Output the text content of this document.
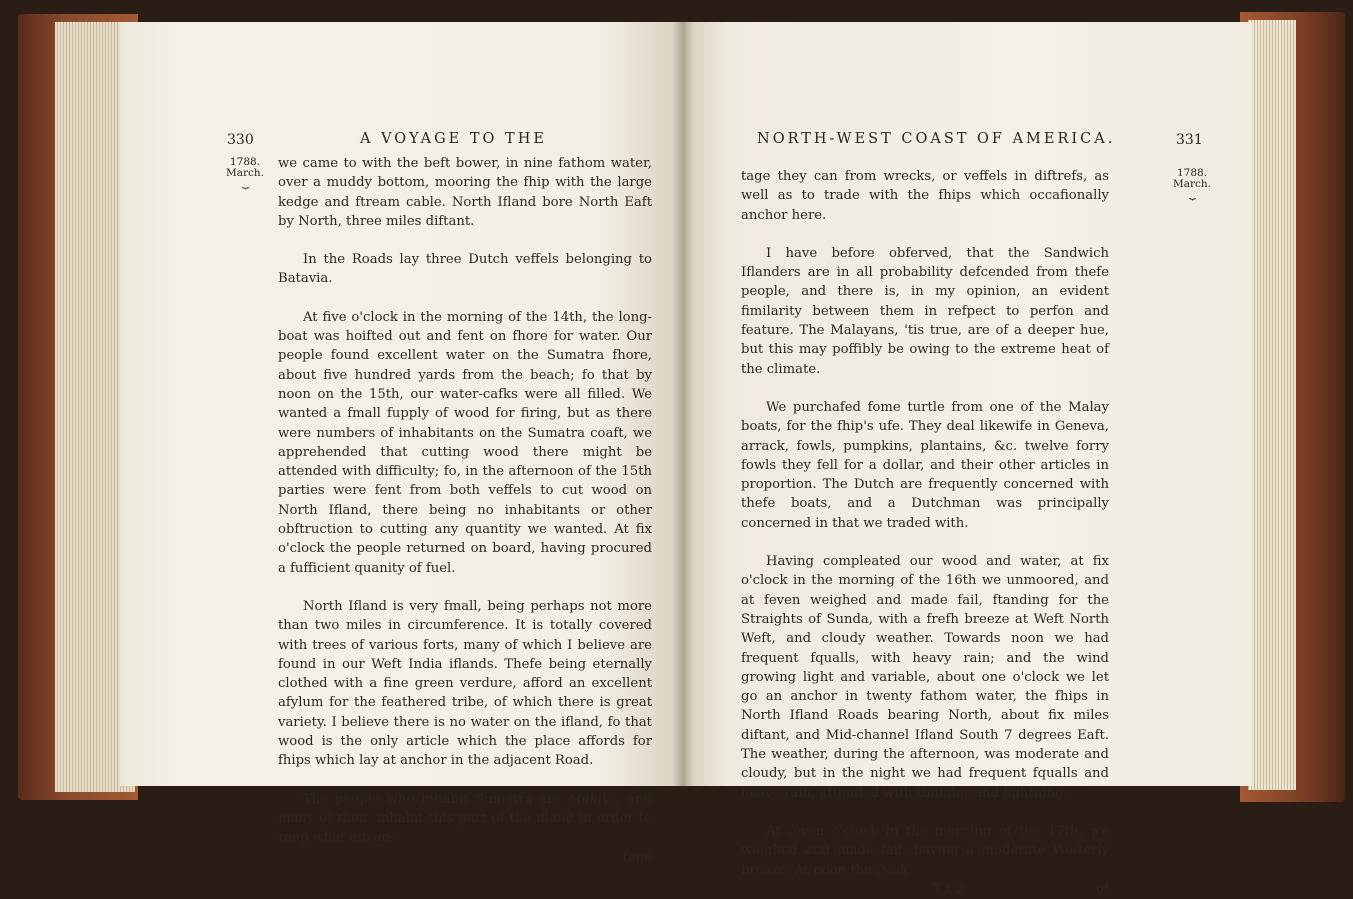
330	A VOYAGE TO THE
1788.
March.
⏟

we came to with the beft bower, in nine fathom water, over a muddy bottom, mooring the fhip with the large kedge and ftream cable. North Ifland bore North Eaft by North, three miles diftant.

In the Roads lay three Dutch veffels belonging to Batavia.

At five o'clock in the morning of the 14th, the long-boat was hoifted out and fent on fhore for water. Our people found excellent water on the Sumatra fhore, about five hundred yards from the beach; fo that by noon on the 15th, our water-cafks were all filled. We wanted a fmall fupply of wood for firing, but as there were numbers of inhabitants on the Sumatra coaft, we apprehended that cutting wood there might be attended with difficulty; fo, in the afternoon of the 15th parties were fent from both veffels to cut wood on North Ifland, there being no inhabitants or other obftruction to cutting any quantity we wanted. At fix o'clock the people returned on board, having procured a fufficient quanity of fuel.

North Ifland is very fmall, being perhaps not more than two miles in circumference. It is totally covered with trees of various forts, many of which I believe are found in our Weft India iflands. Thefe being eternally clothed with a fine green verdure, afford an excellent afylum for the feathered tribe, of which there is great variety. I believe there is no water on the ifland, fo that wood is the only article which the place affords for fhips which lay at anchor in the adjacent Road.

The people who inhabit Sumatra are Malays, and many of them inhabit this part of the ifland in order to reap what advan-

tage
NORTH-WEST COAST OF AMERICA.	331
1788.
March.
⏟

tage they can from wrecks, or veffels in diftrefs, as well as to trade with the fhips which occafionally anchor here.

I have before obferved, that the Sandwich Iflanders are in all probability defcended from thefe people, and there is, in my opinion, an evident fimilarity between them in refpect to perfon and feature. The Malayans, 'tis true, are of a deeper hue, but this may poffibly be owing to the extreme heat of the climate.

We purchafed fome turtle from one of the Malay boats, for the fhip's ufe. They deal likewife in Geneva, arrack, fowls, pumpkins, plantains, &c. twelve forry fowls they fell for a dollar, and their other articles in proportion. The Dutch are frequently concerned with thefe boats, and a Dutchman was principally concerned in that we traded with.

Having compleated our wood and water, at fix o'clock in the morning of the 16th we unmoored, and at feven weighed and made fail, ftanding for the Straights of Sunda, with a frefh breeze at Weft North Weft, and cloudy weather. Towards noon we had frequent fqualls, with heavy rain; and the wind growing light and variable, about one o'clock we let go an anchor in twenty fathom water, the fhips in North Ifland Roads bearing North, about fix miles diftant, and Mid-channel Ifland South 7 degrees Eaft. The weather, during the afternoon, was moderate and cloudy, but in the night we had frequent fqualls and heavy rain, attended with thunder and lightning.

At feven o'clock in the morning of the 17th, we weighed and made fail, having a moderate Wefterly breeze. At noon the Peak

T t 2	of
